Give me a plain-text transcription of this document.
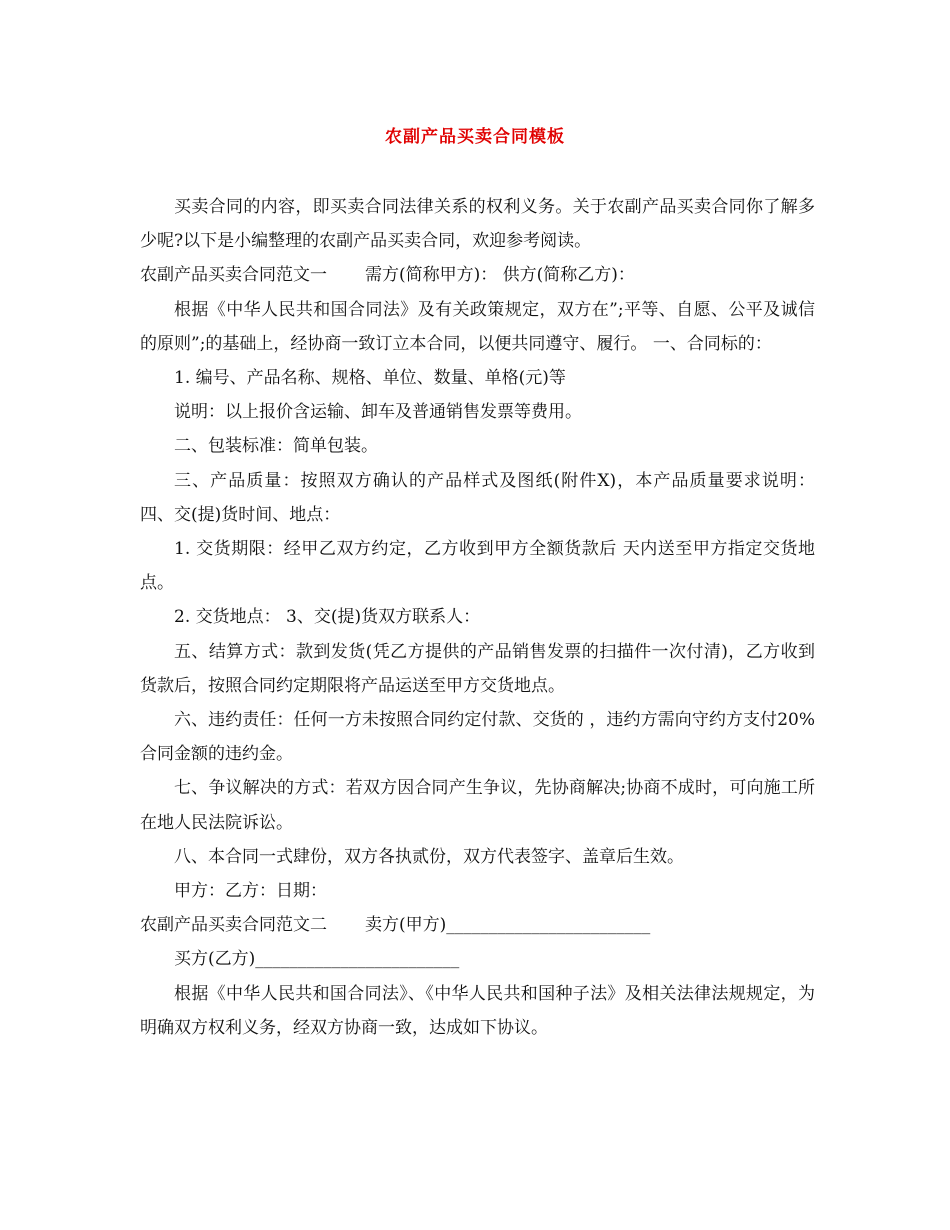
农副产品买卖合同模板

买卖合同的内容，即买卖合同法律关系的权利义务。关于农副产品买卖合同你了解多少呢?以下是小编整理的农副产品买卖合同，欢迎参考阅读。

农副产品买卖合同范文一 需方(简称甲方)： 供方(简称乙方)：

根据《中华人民共和国合同法》及有关政策规定，双方在”;平等、自愿、公平及诚信的原则”;的基础上，经协商一致订立本合同，以便共同遵守、履行。 一、合同标的：

1. 编号、产品名称、规格、单位、数量、单格(元)等

说明：以上报价含运输、卸车及普通销售发票等费用。

二、包装标准：简单包装。

三、产品质量：按照双方确认的产品样式及图纸(附件X)，本产品质量要求说明： 四、交(提)货时间、地点：

1. 交货期限：经甲乙双方约定，乙方收到甲方全额货款后 天内送至甲方指定交货地点。

2. 交货地点： 3、交(提)货双方联系人：

五、结算方式：款到发货(凭乙方提供的产品销售发票的扫描件一次付清)，乙方收到货款后，按照合同约定期限将产品运送至甲方交货地点。

六、违约责任：任何一方未按照合同约定付款、交货的 ，违约方需向守约方支付20%合同金额的违约金。

七、争议解决的方式：若双方因合同产生争议，先协商解决;协商不成时，可向施工所在地人民法院诉讼。

八、本合同一式肆份，双方各执贰份，双方代表签字、盖章后生效。

甲方：乙方：日期：

农副产品买卖合同范文二 卖方(甲方)________________________

买方(乙方)________________________

根据《中华人民共和国合同法》、《中华人民共和国种子法》及相关法律法规规定，为明确双方权利义务，经双方协商一致，达成如下协议。
